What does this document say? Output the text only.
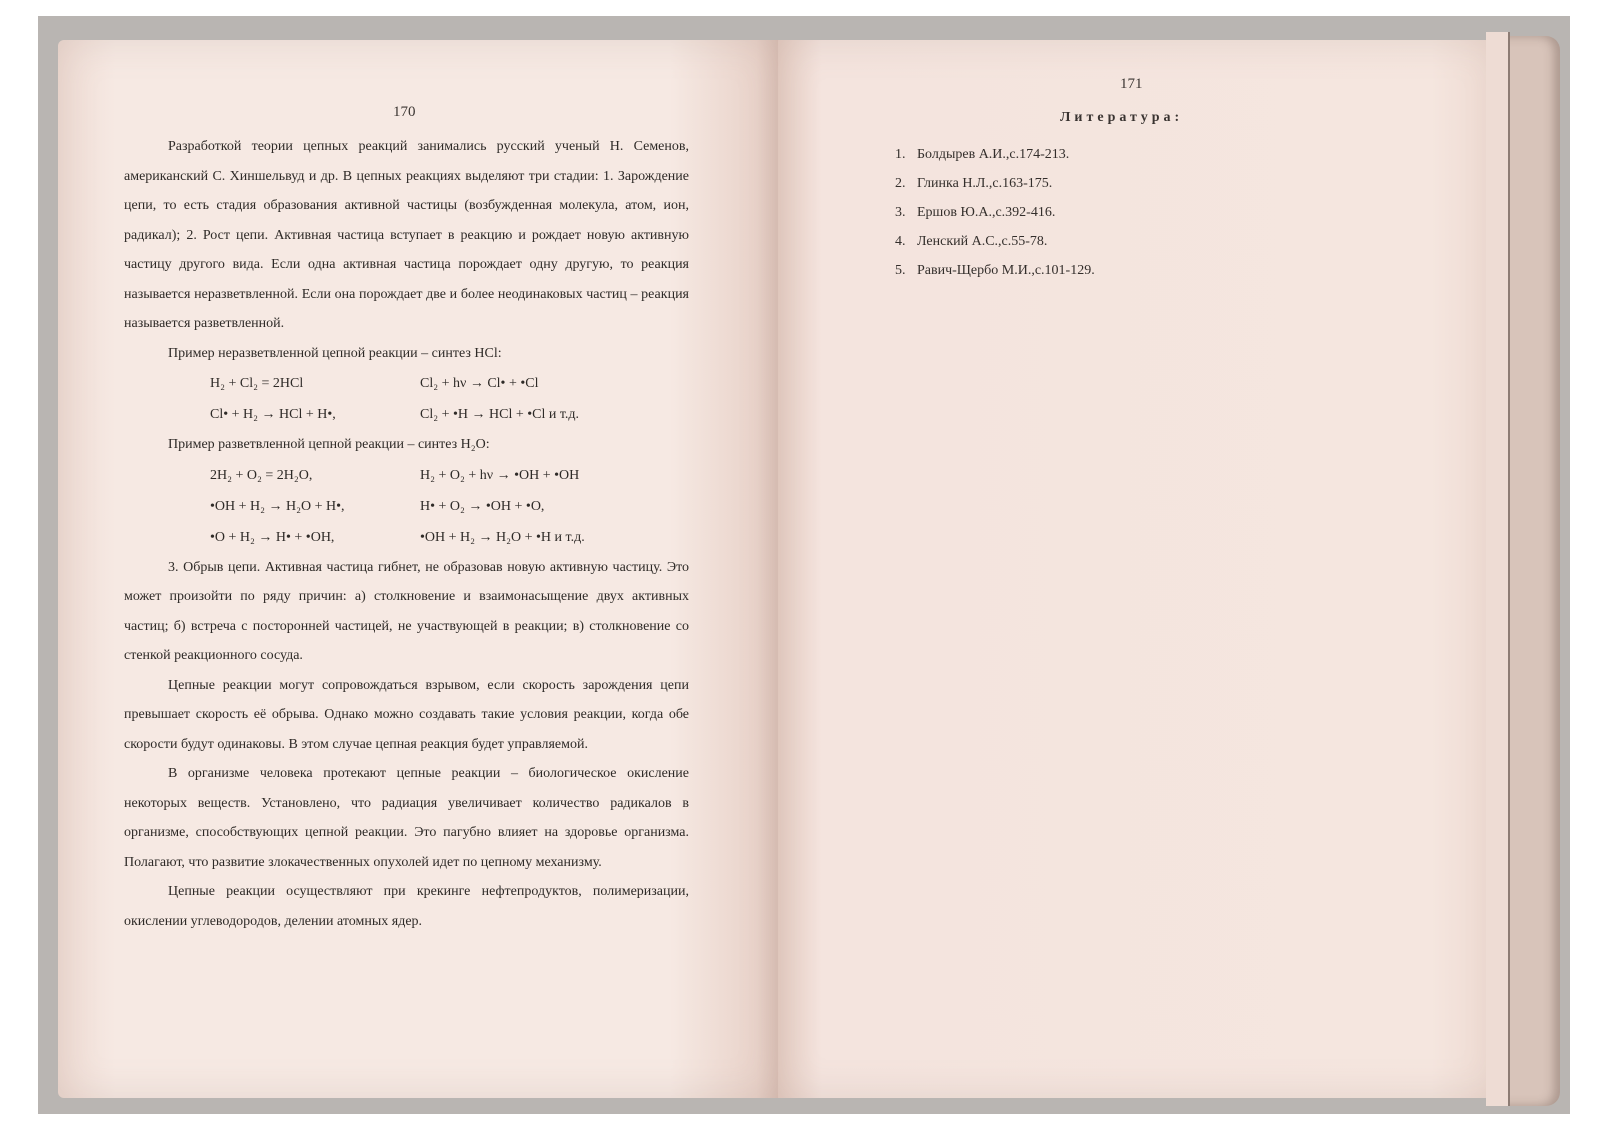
170

Разработкой теории цепных реакций занимались русский ученый Н. Семенов, американский С. Хиншельвуд и др. В цепных реакциях выделяют три стадии: 1. Зарождение цепи, то есть стадия образования активной частицы (возбужденная молекула, атом, ион, радикал); 2. Рост цепи. Активная частица вступает в реакцию и рождает новую активную частицу другого вида. Если одна активная частица порождает одну другую, то реакция называется неразветвленной. Если она порождает две и более неодинаковых частиц – реакция называется разветвленной.

Пример неразветвленной цепной реакции – синтез HCl:

H₂ + Cl₂ = 2HCl	Cl₂ + hν → Cl• + •Cl
Cl• + H₂ → HCl + H•,	Cl₂ + •H → HCl + •Cl и т.д.

Пример разветвленной цепной реакции – синтез H₂O:

2H₂ + O₂ = 2H₂O,	H₂ + O₂ + hν → •OH + •OH
•OH + H₂ → H₂O + H•,	H• + O₂ → •OH + •O,
•O + H₂ → H• + •OH,	•OH + H₂ → H₂O + •H и т.д.

3. Обрыв цепи. Активная частица гибнет, не образовав новую активную частицу. Это может произойти по ряду причин: а) столкновение и взаимонасыщение двух активных частиц; б) встреча с посторонней частицей, не участвующей в реакции; в) столкновение со стенкой реакционного сосуда.

Цепные реакции могут сопровождаться взрывом, если скорость зарождения цепи превышает скорость её обрыва. Однако можно создавать такие условия реакции, когда обе скорости будут одинаковы. В этом случае цепная реакция будет управляемой.

В организме человека протекают цепные реакции – биологическое окисление некоторых веществ. Установлено, что радиация увеличивает количество радикалов в организме, способствующих цепной реакции. Это пагубно влияет на здоровье организма. Полагают, что развитие злокачественных опухолей идет по цепному механизму.

Цепные реакции осуществляют при крекинге нефтепродуктов, полимеризации, окислении углеводородов, делении атомных ядер.

171
Литература:
1. Болдырев А.И.,с.174-213.
2. Глинка Н.Л.,с.163-175.
3. Ершов Ю.А.,с.392-416.
4. Ленский А.С.,с.55-78.
5. Равич-Щербо М.И.,с.101-129.
